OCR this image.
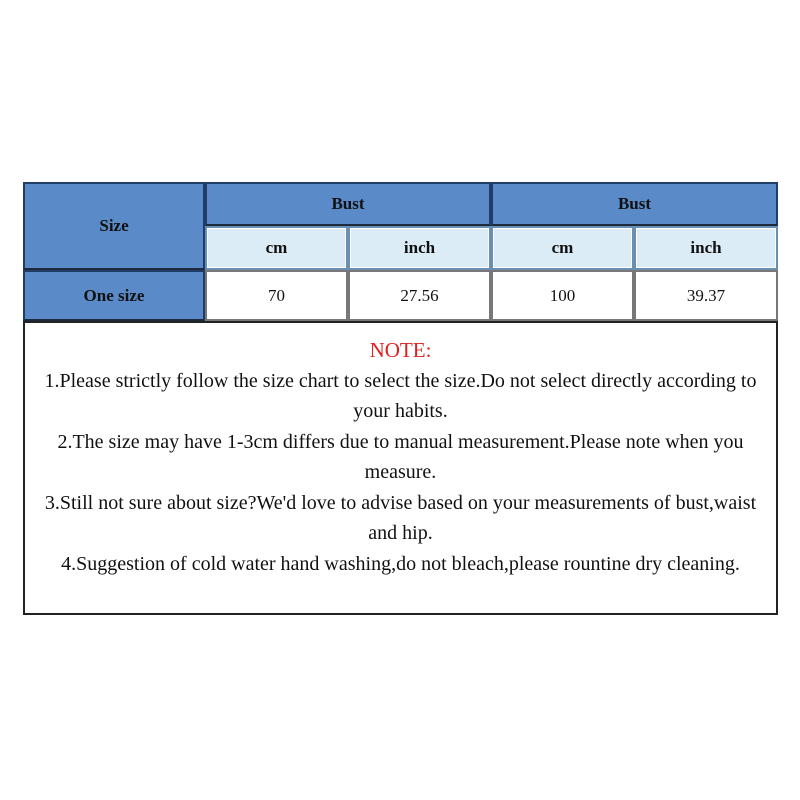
Size
Bust	Bust
cm	inch	cm	inch
One size	70	27.56	100	39.37
NOTE:
1.Please strictly follow the size chart to select the size.Do not select directly according to your habits.
2.The size may have 1-3cm differs due to manual measurement.Please note when you measure.
3.Still not sure about size?We'd love to advise based on your measurements of bust,waist and hip.
4.Suggestion of cold water hand washing,do not bleach,please rountine dry cleaning.
